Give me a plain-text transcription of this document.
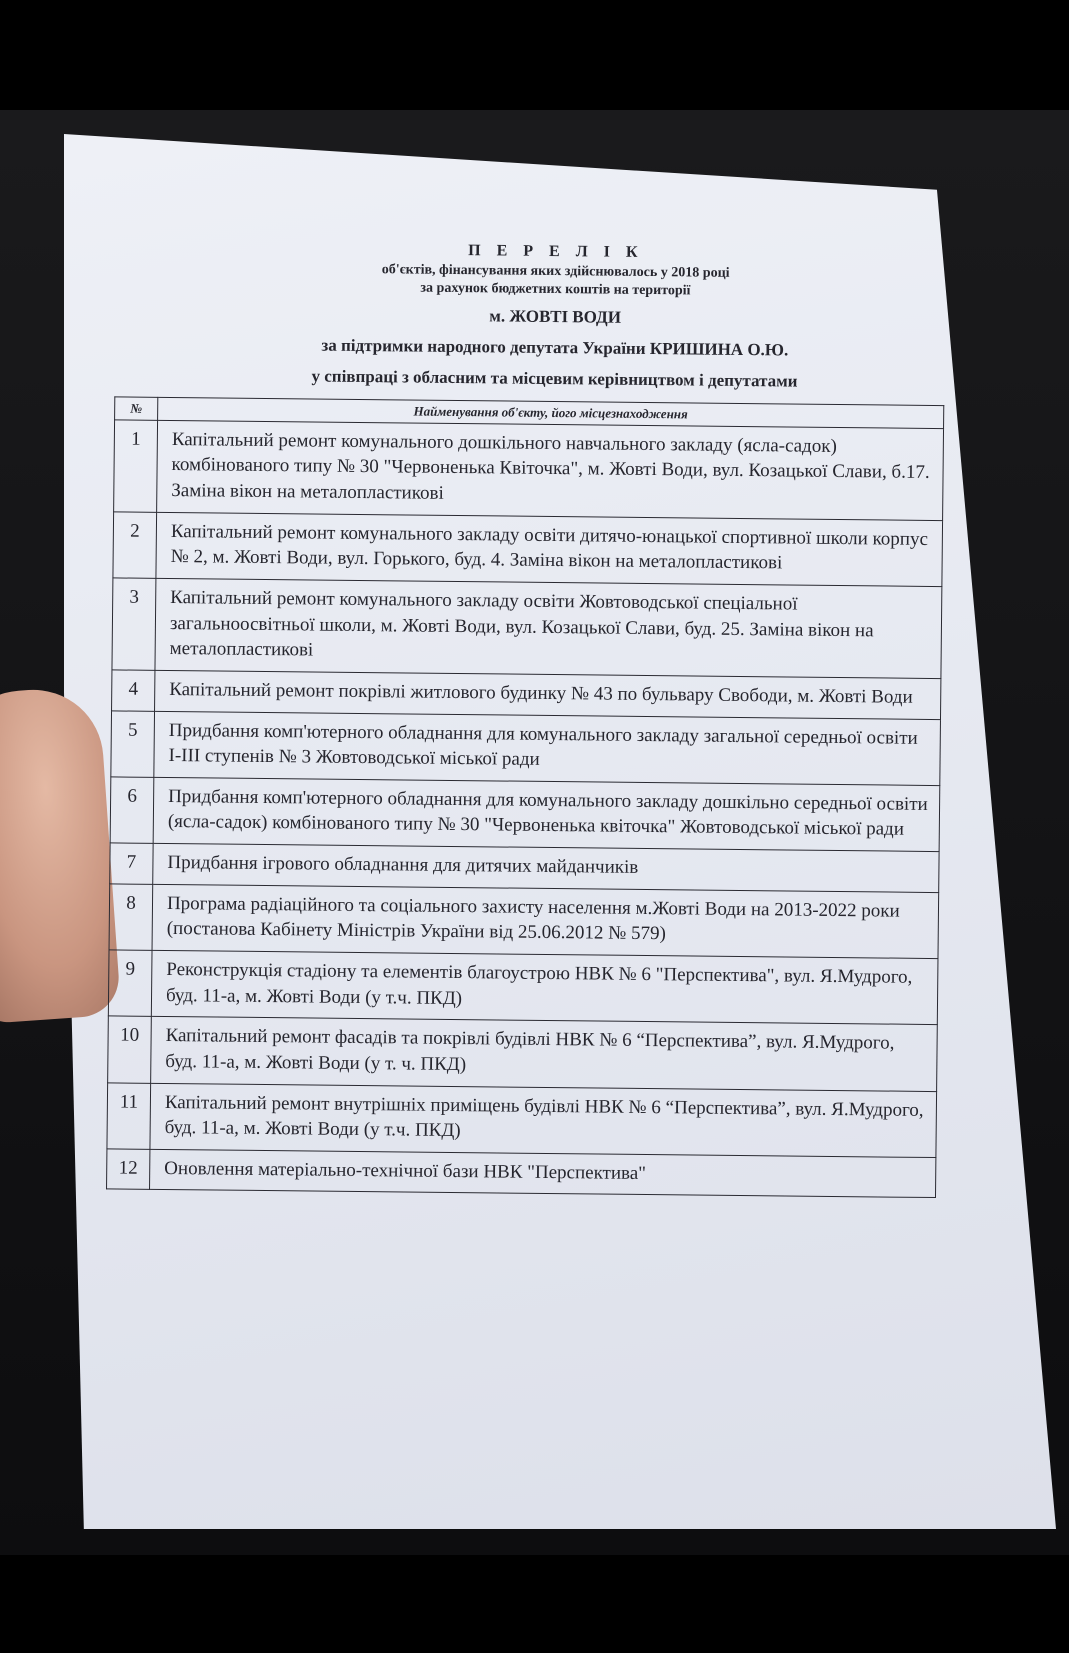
П Е Р Е Л І К
об'єктів, фінансування яких здійснювалось у 2018 році
за рахунок бюджетних коштів на території
м. ЖОВТІ ВОДИ
за підтримки народного депутата України КРИШИНА О.Ю.
у співпраці з обласним та місцевим керівництвом і депутатами
№	Найменування об'єкту, його місцезнаходження
1	Капітальний ремонт комунального дошкільного навчального закладу (ясла-садок) комбінованого типу № 30 "Червоненька Квіточка", м. Жовті Води, вул. Козацької Слави, б.17. Заміна вікон на металопластикові
2	Капітальний ремонт комунального закладу освіти дитячо-юнацької спортивної школи корпус № 2, м. Жовті Води, вул. Горького, буд. 4. Заміна вікон на металопластикові
3	Капітальний ремонт комунального закладу освіти Жовтоводської спеціальної загальноосвітньої школи, м. Жовті Води, вул. Козацької Слави, буд. 25. Заміна вікон на металопластикові
4	Капітальний ремонт покрівлі житлового будинку № 43 по бульвару Свободи, м. Жовті Води
5	Придбання комп'ютерного обладнання для комунального закладу загальної середньої освіти І-ІІІ ступенів № 3 Жовтоводської міської ради
6	Придбання комп'ютерного обладнання для комунального закладу дошкільно середньої освіти (ясла-садок) комбінованого типу № 30 "Червоненька квіточка" Жовтоводської міської ради
7	Придбання ігрового обладнання для дитячих майданчиків
8	Програма радіаційного та соціального захисту населення м.Жовті Води на 2013-2022 роки (постанова Кабінету Міністрів України від 25.06.2012 № 579)
9	Реконструкція стадіону та елементів благоустрою НВК № 6 "Перспектива", вул. Я.Мудрого, буд. 11-а, м. Жовті Води (у т.ч. ПКД)
10	Капітальний ремонт фасадів та покрівлі будівлі НВК № 6 “Перспектива”, вул. Я.Мудрого, буд. 11-а, м. Жовті Води (у т. ч. ПКД)
11	Капітальний ремонт внутрішніх приміщень будівлі НВК № 6 “Перспектива”, вул. Я.Мудрого, буд. 11-а, м. Жовті Води (у т.ч. ПКД)
12	Оновлення матеріально-технічної бази НВК "Перспектива"
